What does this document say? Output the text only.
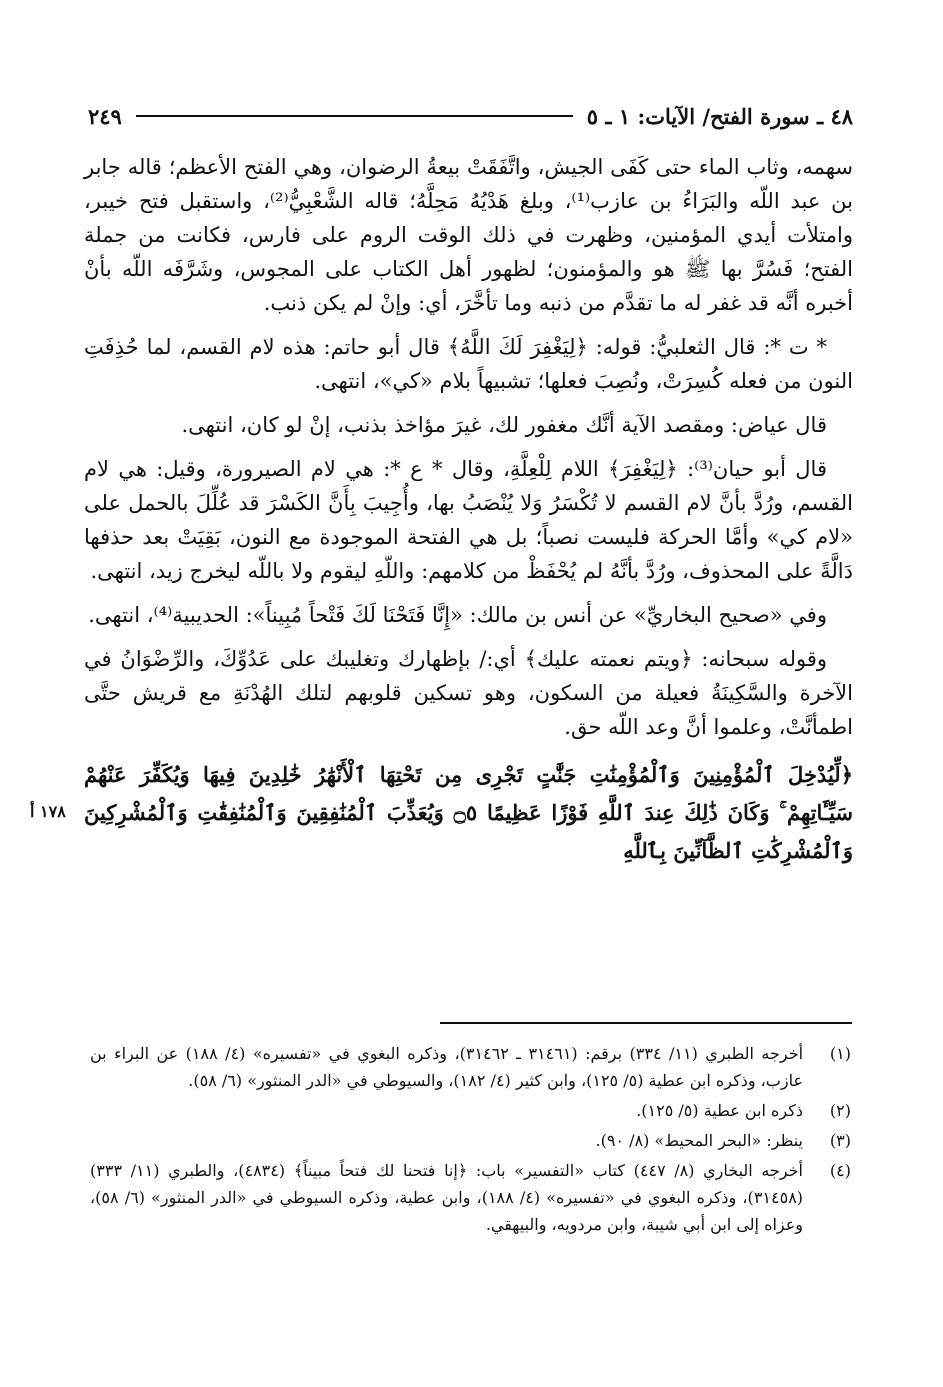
٤٨ ـ سورة الفتح/ الآيات: ١ ـ ٥
٢٤٩

سهمه، وثاب الماء حتى كَفَى الجيش، واتَّفَقَتْ بيعةُ الرضوان، وهي الفتح الأعظم؛ قاله جابر بن عبد اللّه والبَرَاءُ بن عازب⁽¹⁾، وبلغ هَدْيُهُ مَحِلَّهُ؛ قاله الشَّعْبِيُّ⁽²⁾، واستقبل فتح خيبر، وامتلأت أيدي المؤمنين، وظهرت في ذلك الوقت الروم على فارس، فكانت من جملة الفتح؛ فَسُرَّ بها ﷺ هو والمؤمنون؛ لظهور أهل الكتاب على المجوس، وشَرَّفَه اللّه بأنْ أخبره أنَّه قد غفر له ما تقدَّم من ذنبه وما تأخَّرَ، أي: وإنْ لم يكن ذنب.

* ت *: قال الثعلبيُّ: قوله: ﴿لِيَغْفِرَ لَكَ اللَّهُ﴾ قال أبو حاتم: هذه لام القسم، لما حُذِفَتِ النون من فعله كُسِرَتْ، ونُصِبَ فعلها؛ تشبيهاً بلام «كي»، انتهى.

قال عياض: ومقصد الآية أنَّك مغفور لك، غيرَ مؤاخذ بذنب، إنْ لو كان، انتهى.

قال أبو حيان⁽³⁾: ﴿لِيَغْفِرَ﴾ اللام لِلْعِلَّةِ، وقال * ع *: هي لام الصيرورة، وقيل: هي لام القسم، ورُدَّ بأنَّ لام القسم لا تُكْسَرُ وَلا يُنْصَبُ بها، وأُجِيبَ بِأَنَّ الكَسْرَ قد عُلِّلَ بالحمل على «لام كي» وأمَّا الحركة فليست نصباً؛ بل هي الفتحة الموجودة مع النون، بَقِيَتْ بعد حذفها دَالَّةً على المحذوف، ورُدَّ بأنَّهُ لم يُحْفَظْ من كلامهم: واللّهِ ليقوم ولا باللّه ليخرج زيد، انتهى.

وفي «صحيح البخاريِّ» عن أنس بن مالك: «إِنَّا فَتَحْنَا لَكَ فَتْحاً مُبِيناً»: الحديبية⁽⁴⁾، انتهى.

وقوله سبحانه: ﴿ويتم نعمته عليك﴾ أي:/ بإظهارك وتغليبك على عَدُوِّكَ، والرِّضْوَانُ في الآخرة والسَّكِينَةُ فعيلة من السكون، وهو تسكين قلوبهم لتلك الهُدْنَةِ مع قريش حتَّى اطمأنَّتْ، وعلموا أنَّ وعد اللّه حق.

﴿لِّيُدْخِلَ ٱلْمُؤْمِنِينَ وَٱلْمُؤْمِنَٰتِ جَنَّٰتٍ تَجْرِى مِن تَحْتِهَا ٱلْأَنْهَٰرُ خَٰلِدِينَ فِيهَا وَيُكَفِّرَ عَنْهُمْ سَيِّـَٔاتِهِمْ ۚ وَكَانَ ذَٰلِكَ عِندَ ٱللَّهِ فَوْزًا عَظِيمًا ۝٥ وَيُعَذِّبَ ٱلْمُنَٰفِقِينَ وَٱلْمُنَٰفِقَٰتِ وَٱلْمُشْرِكِينَ وَٱلْمُشْرِكَٰتِ ٱلظَّآنِّينَ بِٱللَّهِ

١٧٨ أ
(١)
أخرجه الطبري (١١/ ٣٣٤) برقم: (٣١٤٦١ ـ ٣١٤٦٢)، وذكره البغوي في «تفسيره» (٤/ ١٨٨) عن البراء بن عازب، وذكره ابن عطية (٥/ ١٢٥)، وابن كثير (٤/ ١٨٢)، والسيوطي في «الدر المنثور» (٦/ ٥٨).
(٢)
ذكره ابن عطية (٥/ ١٢٥).
(٣)
ينظر: «البحر المحيط» (٨/ ٩٠).
(٤)
أخرجه البخاري (٨/ ٤٤٧) كتاب «التفسير» باب: ﴿إنا فتحنا لك فتحاً مبيناً﴾ (٤٨٣٤)، والطبري (١١/ ٣٣٣) (٣١٤٥٨)، وذكره البغوي في «تفسيره» (٤/ ١٨٨)، وابن عطية، وذكره السيوطي في «الدر المنثور» (٦/ ٥٨)، وعزاه إلى ابن أبي شيبة، وابن مردويه، والبيهقي.
